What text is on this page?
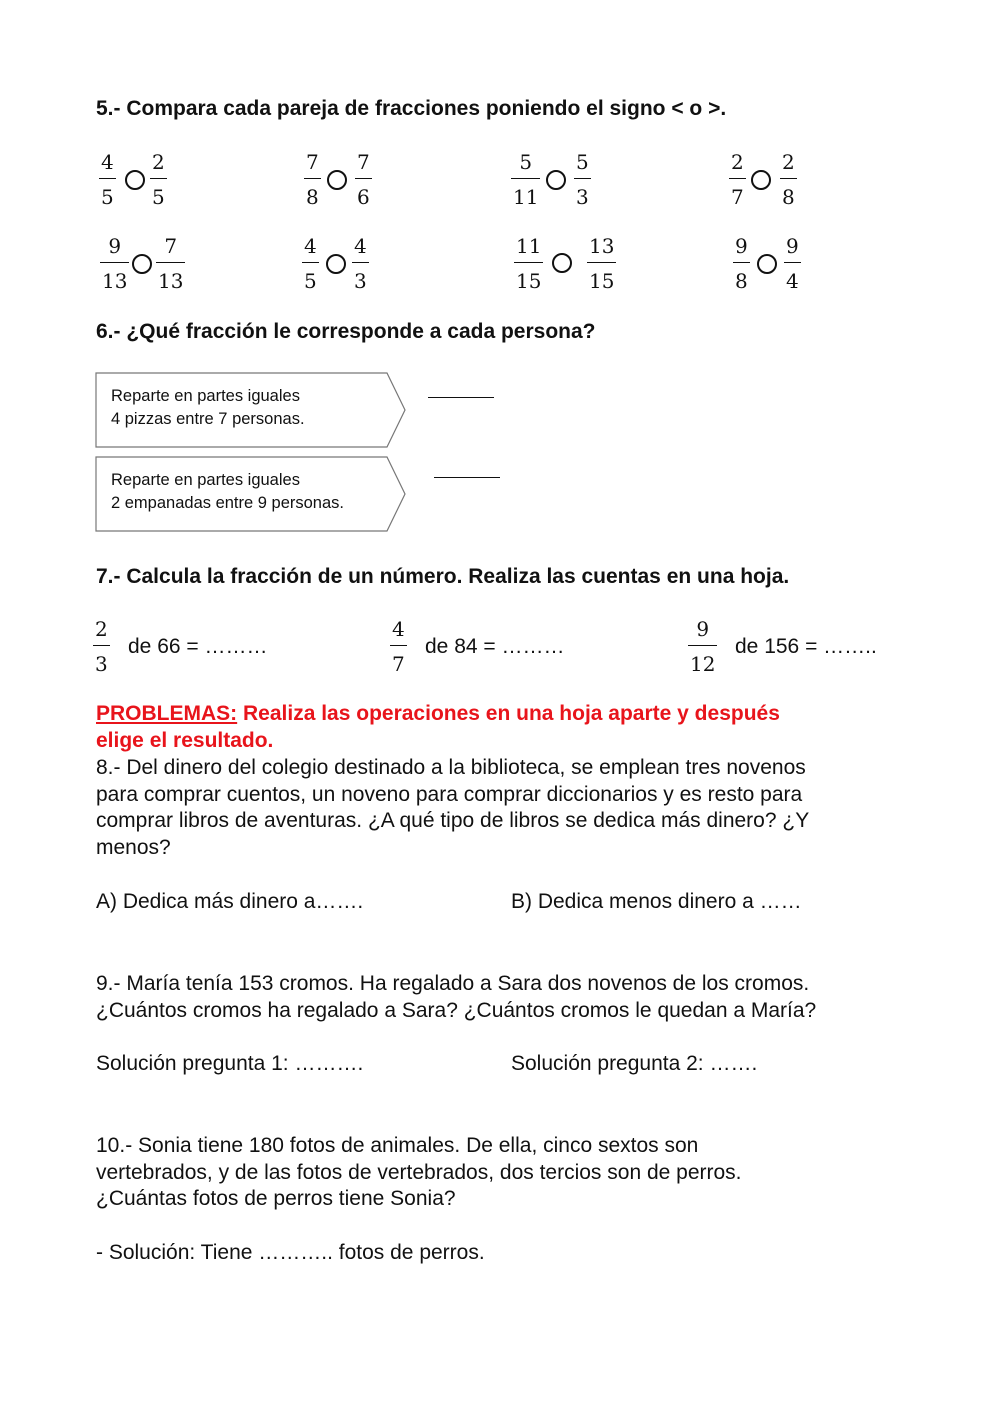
5.- Compara cada pareja de fracciones poniendo el signo < o >.
4
5
2
5
7
8
7
6
5
11
5
3
2
7
2
8
9
13
7
13
4
5
4
3
11
15
13
15
9
8
9
4
6.- ¿Qué fracción le corresponde a cada persona?
Reparte en partes iguales
4 pizzas entre 7 personas.
Reparte en partes iguales
2 empanadas entre 9 personas.
7.- Calcula la fracción de un número. Realiza las cuentas en una hoja.
2
3
de 66 = ………
4
7
de 84 = ………
9
12
de 156 = ……..
PROBLEMAS: Realiza las operaciones en una hoja aparte y después
elige el resultado.
8.- Del dinero del colegio destinado a la biblioteca, se emplean tres novenos
para comprar cuentos, un noveno para comprar diccionarios y es resto para
comprar libros de aventuras. ¿A qué tipo de libros se dedica más dinero? ¿Y
menos?
A) Dedica más dinero a…….	B) Dedica menos dinero a ……
9.- María tenía 153 cromos. Ha regalado a Sara dos novenos de los cromos.
¿Cuántos cromos ha regalado a Sara? ¿Cuántos cromos le quedan a María?
Solución pregunta 1: ……….	Solución pregunta 2: …….
10.- Sonia tiene 180 fotos de animales. De ella, cinco sextos son
vertebrados, y de las fotos de vertebrados, dos tercios son de perros.
¿Cuántas fotos de perros tiene Sonia?
- Solución: Tiene ……….. fotos de perros.
